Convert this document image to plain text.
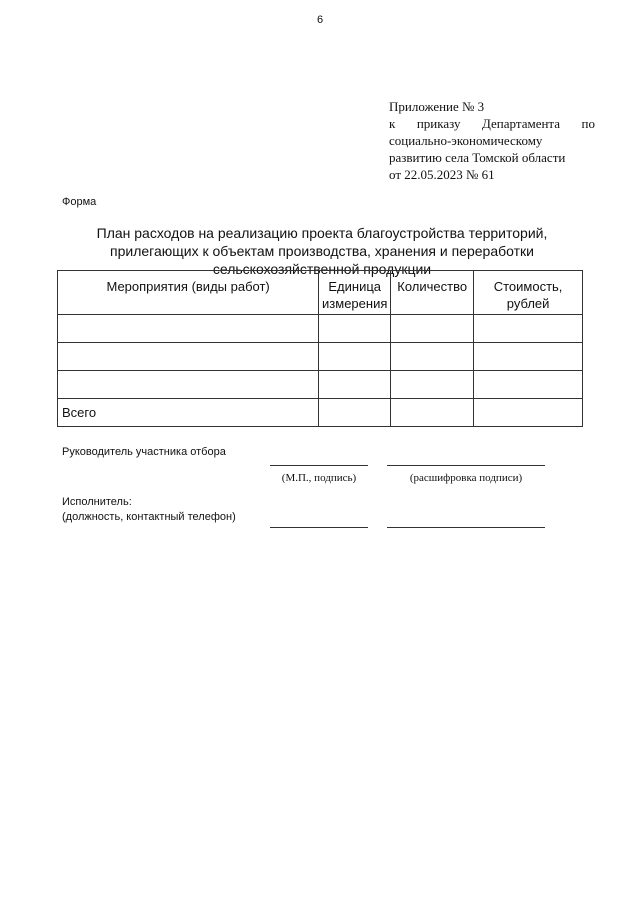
6
Приложение № 3
к приказу Департамента по
социально-экономическому
развитию села Томской области
от 22.05.2023 № 61
Форма
План расходов на реализацию проекта благоустройства территорий, прилегающих к объектам производства, хранения и переработки сельскохозяйственной продукции
Мероприятия (виды работ)	Единица измерения	Количество	Стоимость, рублей

Всего			
Руководитель участника отбора
(М.П., подпись)	(расшифровка подписи)
Исполнитель:
(должность, контактный телефон)
